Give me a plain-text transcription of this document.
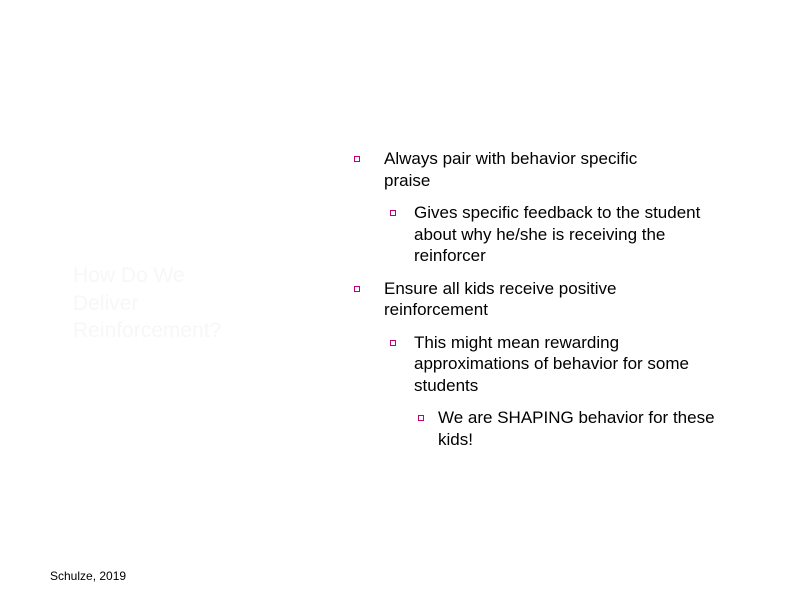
How Do We
Deliver
Reinforcement?
Always pair with behavior specific praise
Gives specific feedback to the student about why he/she is receiving the reinforcer
Ensure all kids receive positive reinforcement
This might mean rewarding approximations of behavior for some students
We are SHAPING behavior for these kids!
Schulze, 2019
